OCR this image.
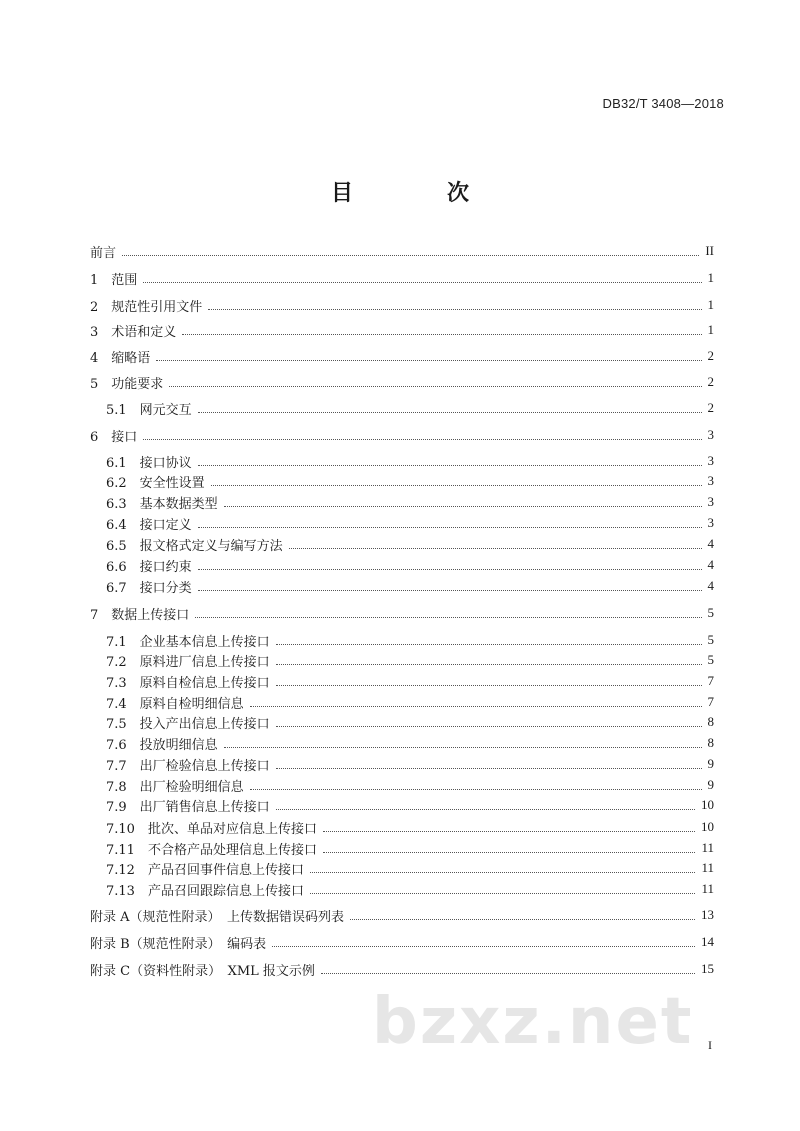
DB32/T 3408—2018
目　次
前言	II
1　范围	1
2　规范性引用文件	1
3　术语和定义	1
4　缩略语	2
5　功能要求	2
5.1　网元交互	2
6　接口	3
6.1　接口协议	3
6.2　安全性设置	3
6.3　基本数据类型	3
6.4　接口定义	3
6.5　报文格式定义与编写方法	4
6.6　接口约束	4
6.7　接口分类	4
7　数据上传接口	5
7.1　企业基本信息上传接口	5
7.2　原料进厂信息上传接口	5
7.3　原料自检信息上传接口	7
7.4　原料自检明细信息	7
7.5　投入产出信息上传接口	8
7.6　投放明细信息	8
7.7　出厂检验信息上传接口	9
7.8　出厂检验明细信息	9
7.9　出厂销售信息上传接口	10
7.10　批次、单品对应信息上传接口	10
7.11　不合格产品处理信息上传接口	11
7.12　产品召回事件信息上传接口	11
7.13　产品召回跟踪信息上传接口	11
附录 A（规范性附录）　上传数据错误码列表	13
附录 B（规范性附录）　编码表	14
附录 C（资料性附录）　XML 报文示例	15
bzxz.net I
